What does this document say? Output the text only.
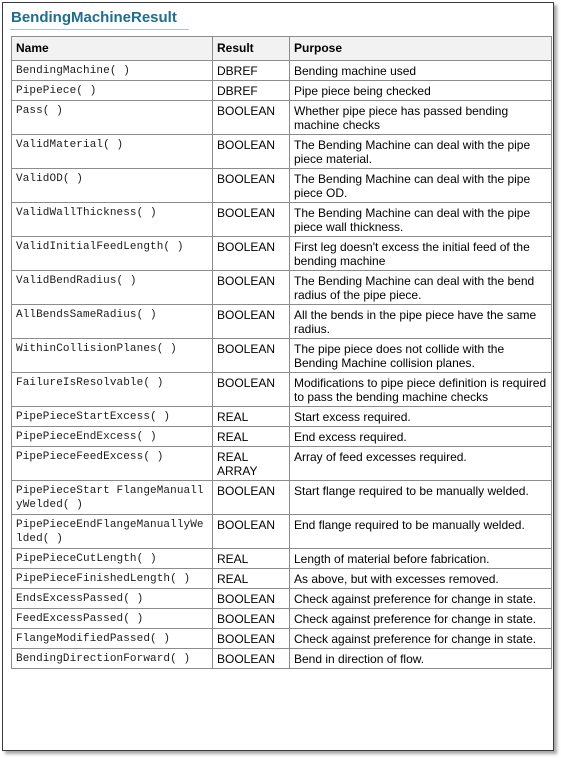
BendingMachineResult
Name	Result	Purpose
BendingMachine( )	DBREF	Bending machine used
PipePiece( )	DBREF	Pipe piece being checked
Pass( )	BOOLEAN	Whether pipe piece has passed bending machine checks
ValidMaterial( )	BOOLEAN	The Bending Machine can deal with the pipe piece material.
ValidOD( )	BOOLEAN	The Bending Machine can deal with the pipe piece OD.
ValidWallThickness( )	BOOLEAN	The Bending Machine can deal with the pipe piece wall thickness.
ValidInitialFeedLength( )	BOOLEAN	First leg doesn't excess the initial feed of the bending machine
ValidBendRadius( )	BOOLEAN	The Bending Machine can deal with the bend radius of the pipe piece.
AllBendsSameRadius( )	BOOLEAN	All the bends in the pipe piece have the same radius.
WithinCollisionPlanes( )	BOOLEAN	The pipe piece does not collide with the Bending Machine collision planes.
FailureIsResolvable( )	BOOLEAN	Modifications to pipe piece definition is required to pass the bending machine checks
PipePieceStartExcess( )	REAL	Start excess required.
PipePieceEndExcess( )	REAL	End excess required.
PipePieceFeedExcess( )	REAL ARRAY	Array of feed excesses required.
PipePieceStart FlangeManuallyWelded( )	BOOLEAN	Start flange required to be manually welded.
PipePieceEndFlangeManuallyWelded( )	BOOLEAN	End flange required to be manually welded.
PipePieceCutLength( )	REAL	Length of material before fabrication.
PipePieceFinishedLength( )	REAL	As above, but with excesses removed.
EndsExcessPassed( )	BOOLEAN	Check against preference for change in state.
FeedExcessPassed( )	BOOLEAN	Check against preference for change in state.
FlangeModifiedPassed( )	BOOLEAN	Check against preference for change in state.
BendingDirectionForward( )	BOOLEAN	Bend in direction of flow.
